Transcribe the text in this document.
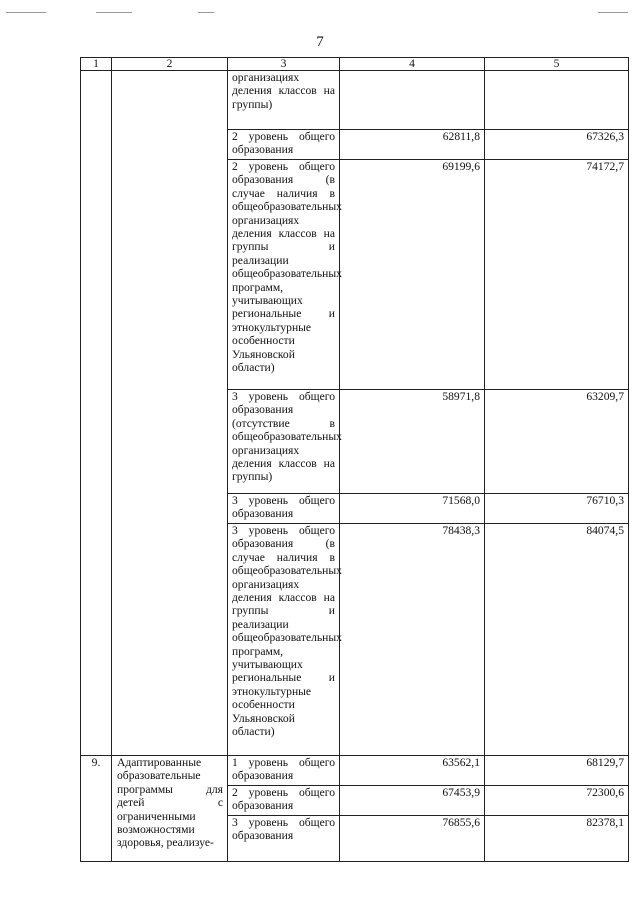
7
1	2	3	4	5

		организациях деления классов на группы)		

		2 уровень общего образования	62811,8	67326,3
		2 уровень общего образования (в случае наличия в общеобразовательных организациях деления классов на группы и реализации общеобразовательных программ, учитывающих региональные и этнокультурные особенности Ульяновской области)	69199,6	74172,7
		3 уровень общего образования (отсутствие в общеобразовательных организациях деления классов на группы)	58971,8	63209,7
		3 уровень общего образования	71568,0	76710,3
		3 уровень общего образования (в случае наличия в общеобразовательных организациях деления классов на группы и реализации общеобразовательных программ, учитывающих региональные и этнокультурные особенности Ульяновской области)	78438,3	84074,5
9.	Адаптированные образовательные программы для детей с ограниченными возможностями здоровья, реализуе-	1 уровень общего образования	63562,1	68129,7
		2 уровень общего образования	67453,9	72300,6
		3 уровень общего образования	76855,6	82378,1
